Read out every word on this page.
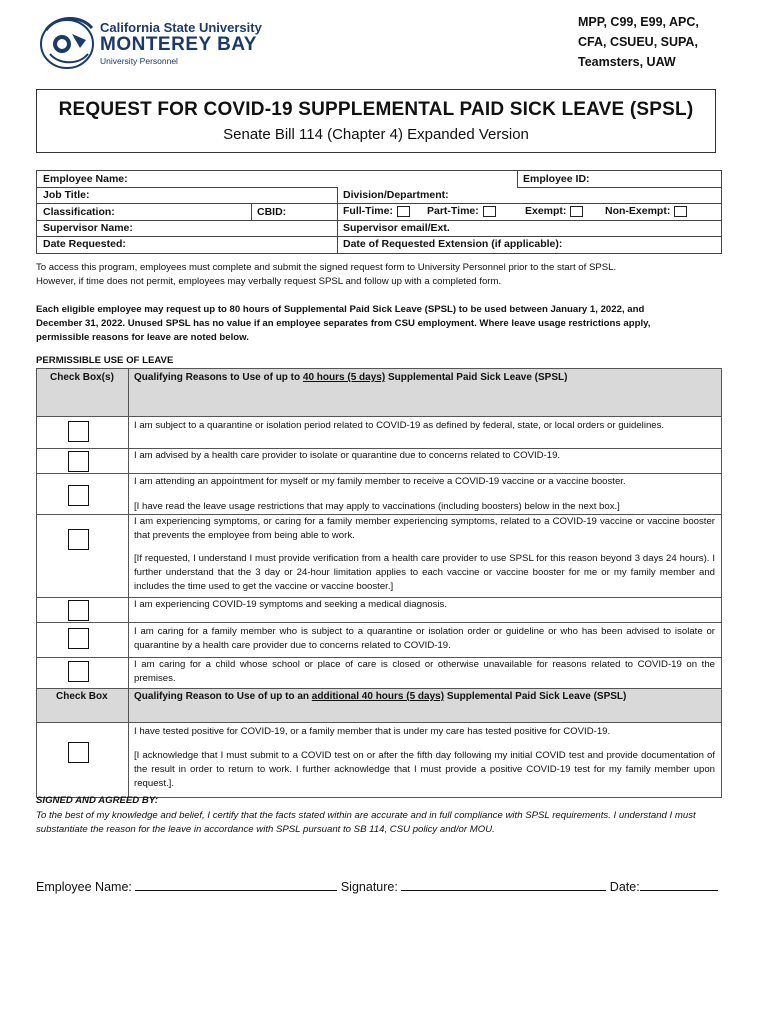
California State University
MONTEREY BAY
University Personnel
MPP, C99, E99, APC,
CFA, CSUEU, SUPA,
Teamsters, UAW
REQUEST FOR COVID-19 SUPPLEMENTAL PAID SICK LEAVE (SPSL)
Senate Bill 114 (Chapter 4) Expanded Version
Employee Name:	Employee ID:
Job Title:	Division/Department:
Classification:	CBID:	Full-Time:	Part-Time:	Exempt:	Non-Exempt:
Supervisor Name:	Supervisor email/Ext.
Date Requested:	Date of Requested Extension (if applicable):
To access this program, employees must complete and submit the signed request form to University Personnel prior to the start of SPSL.
However, if time does not permit, employees may verbally request SPSL and follow up with a completed form.
Each eligible employee may request up to 80 hours of Supplemental Paid Sick Leave (SPSL) to be used between January 1, 2022, and
December 31, 2022. Unused SPSL has no value if an employee separates from CSU employment. Where leave usage restrictions apply,
permissible reasons for leave are noted below.
PERMISSIBLE USE OF LEAVE
Check Box(s) Qualifying Reasons to Use of up to 40 hours (5 days) Supplemental Paid Sick Leave (SPSL)
I am subject to a quarantine or isolation period related to COVID-19 as defined by federal, state, or local orders or guidelines.
I am advised by a health care provider to isolate or quarantine due to concerns related to COVID-19.
I am attending an appointment for myself or my family member to receive a COVID-19 vaccine or a vaccine booster.
[I have read the leave usage restrictions that may apply to vaccinations (including boosters) below in the next box.]
I am experiencing symptoms, or caring for a family member experiencing symptoms, related to a COVID-19 vaccine or vaccine booster that prevents the employee from being able to work.
[If requested, I understand I must provide verification from a health care provider to use SPSL for this reason beyond 3 days 24 hours). I further understand that the 3 day or 24-hour limitation applies to each vaccine or vaccine booster for me or my family member and includes the time used to get the vaccine or vaccine booster.]
I am experiencing COVID-19 symptoms and seeking a medical diagnosis.
I am caring for a family member who is subject to a quarantine or isolation order or guideline or who has been advised to isolate or quarantine by a health care provider due to concerns related to COVID-19.
I am caring for a child whose school or place of care is closed or otherwise unavailable for reasons related to COVID-19 on the premises.
Check Box	Qualifying Reason to Use of up to an additional 40 hours (5 days) Supplemental Paid Sick Leave (SPSL)
I have tested positive for COVID-19, or a family member that is under my care has tested positive for COVID-19.
[I acknowledge that I must submit to a COVID test on or after the fifth day following my initial COVID test and provide documentation of the result in order to return to work. I further acknowledge that I must provide a positive COVID-19 test for my family member upon request.].
SIGNED AND AGREED BY:
To the best of my knowledge and belief, I certify that the facts stated within are accurate and in full compliance with SPSL requirements. I understand I must substantiate the reason for the leave in accordance with SPSL pursuant to SB 114, CSU policy and/or MOU.
Employee Name:	Signature:	Date:
